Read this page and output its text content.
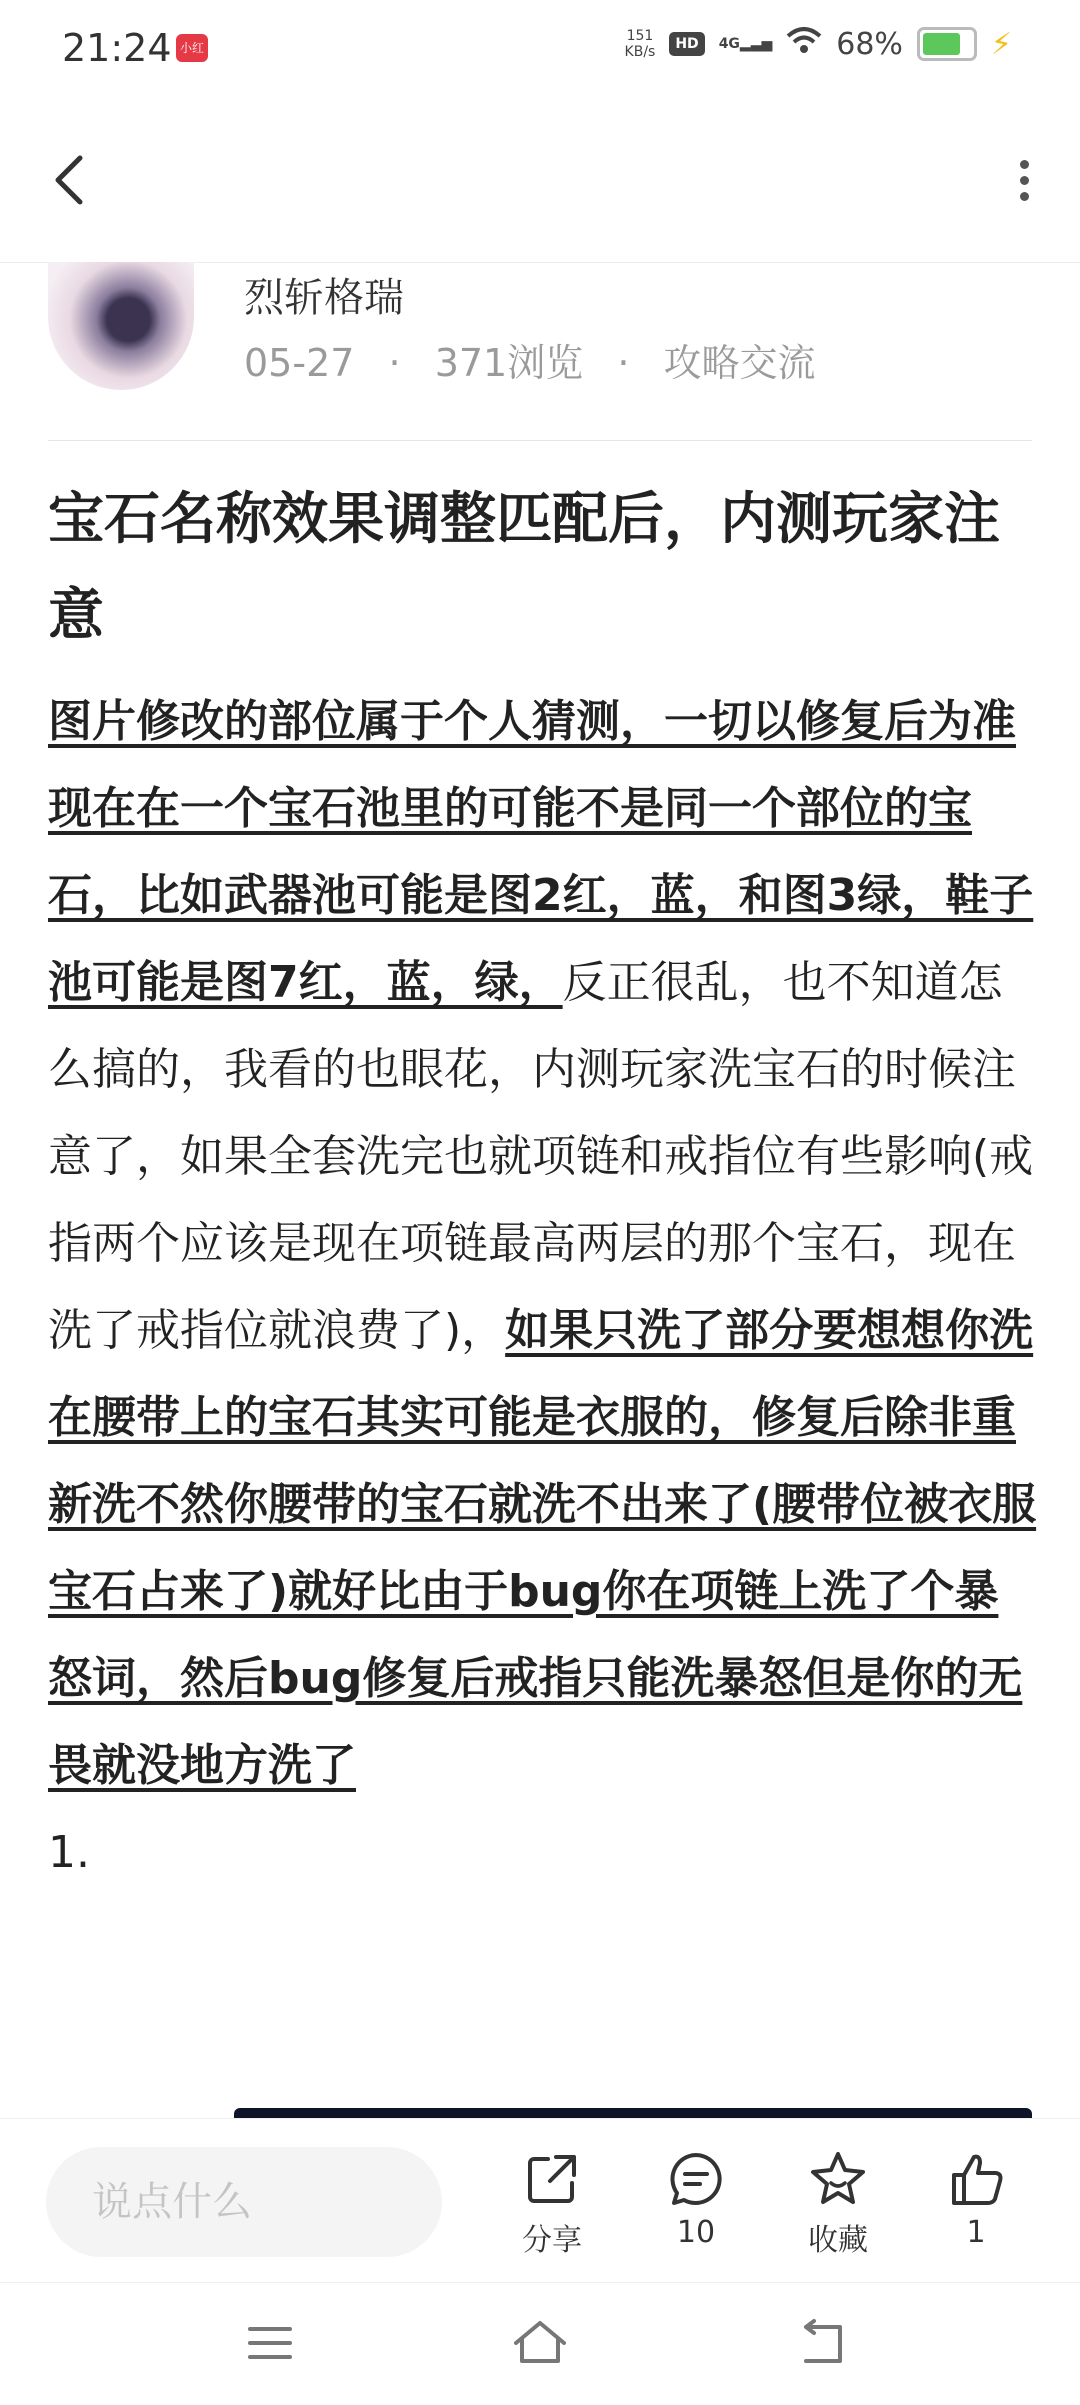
21:24 小红书
151
KB/s	HD	4G▂▃▅ 68%	⚡
烈斩格瑞
05-27 · 371浏览 · 攻略交流
宝石名称效果调整匹配后，内测玩家注意

图片修改的部位属于个人猜测，一切以修复后为准

现在在一个宝石池里的可能不是同一个部位的宝石，比如武器池可能是图2红，蓝，和图3绿，鞋子池可能是图7红，蓝，绿，反正很乱，也不知道怎么搞的，我看的也眼花，内测玩家洗宝石的时候注意了，如果全套洗完也就项链和戒指位有些影响(戒指两个应该是现在项链最高两层的那个宝石，现在洗了戒指位就浪费了)，如果只洗了部分要想想你洗在腰带上的宝石其实可能是衣服的，修复后除非重新洗不然你腰带的宝石就洗不出来了(腰带位被衣服宝石占来了)就好比由于bug你在项链上洗了个暴怒词，然后bug修复后戒指只能洗暴怒但是你的无畏就没地方洗了

1.

说点什么
分享	10	收藏	1
